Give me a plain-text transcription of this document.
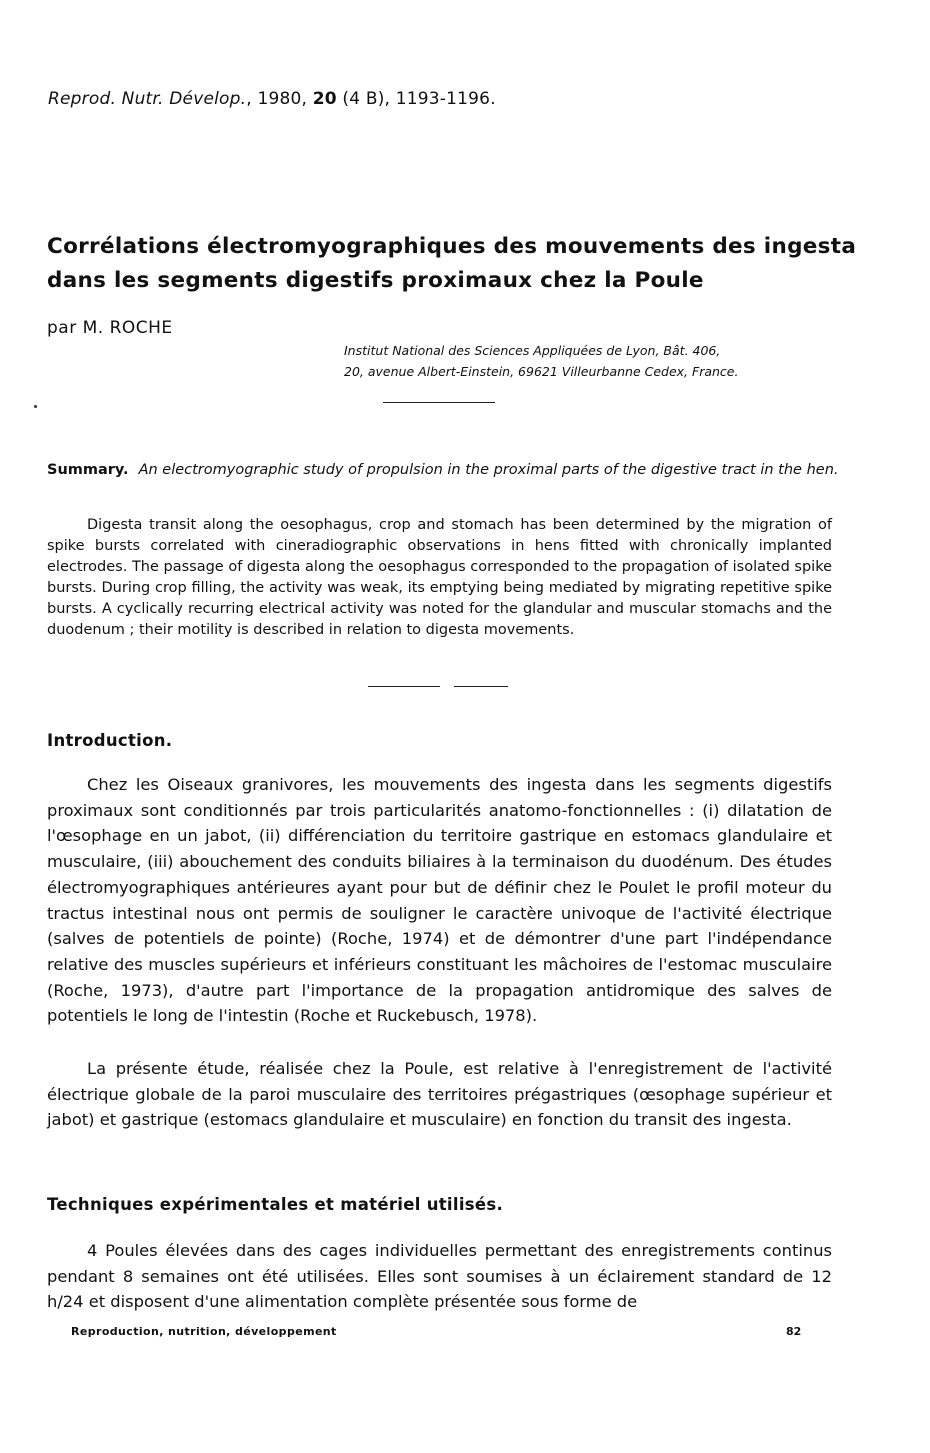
Reprod. Nutr. Dévelop., 1980, 20 (4 B), 1193-1196.
Corrélations électromyographiques des mouvements des ingesta dans les segments digestifs proximaux chez la Poule
par M. ROCHE
Institut National des Sciences Appliquées de Lyon, Bât. 406,
20, avenue Albert-Einstein, 69621 Villeurbanne Cedex, France.
Summary. An electromyographic study of propulsion in the proximal parts of the digestive tract in the hen.
Digesta transit along the oesophagus, crop and stomach has been determined by the migration of spike bursts correlated with cineradiographic observations in hens fitted with chronically implanted electrodes. The passage of digesta along the oesophagus corresponded to the propagation of isolated spike bursts. During crop filling, the activity was weak, its emptying being mediated by migrating repetitive spike bursts. A cyclically recurring electrical activity was noted for the glandular and muscular stomachs and the duodenum ; their motility is described in relation to digesta movements.
Introduction.
Chez les Oiseaux granivores, les mouvements des ingesta dans les segments digestifs proximaux sont conditionnés par trois particularités anatomo-fonctionnelles : (i) dilatation de l'œsophage en un jabot, (ii) différenciation du territoire gastrique en estomacs glandulaire et musculaire, (iii) abouchement des conduits biliaires à la terminaison du duodénum. Des études électromyographiques antérieures ayant pour but de définir chez le Poulet le profil moteur du tractus intestinal nous ont permis de souligner le caractère univoque de l'activité électrique (salves de potentiels de pointe) (Roche, 1974) et de démontrer d'une part l'indépendance relative des muscles supérieurs et inférieurs constituant les mâchoires de l'estomac musculaire (Roche, 1973), d'autre part l'importance de la propagation antidromique des salves de potentiels le long de l'intestin (Roche et Ruckebusch, 1978).
La présente étude, réalisée chez la Poule, est relative à l'enregistrement de l'activité électrique globale de la paroi musculaire des territoires prégastriques (œsophage supérieur et jabot) et gastrique (estomacs glandulaire et musculaire) en fonction du transit des ingesta.
Techniques expérimentales et matériel utilisés.
4 Poules élevées dans des cages individuelles permettant des enregistrements continus pendant 8 semaines ont été utilisées. Elles sont soumises à un éclairement standard de 12 h/24 et disposent d'une alimentation complète présentée sous forme de
Reproduction, nutrition, développement	82
